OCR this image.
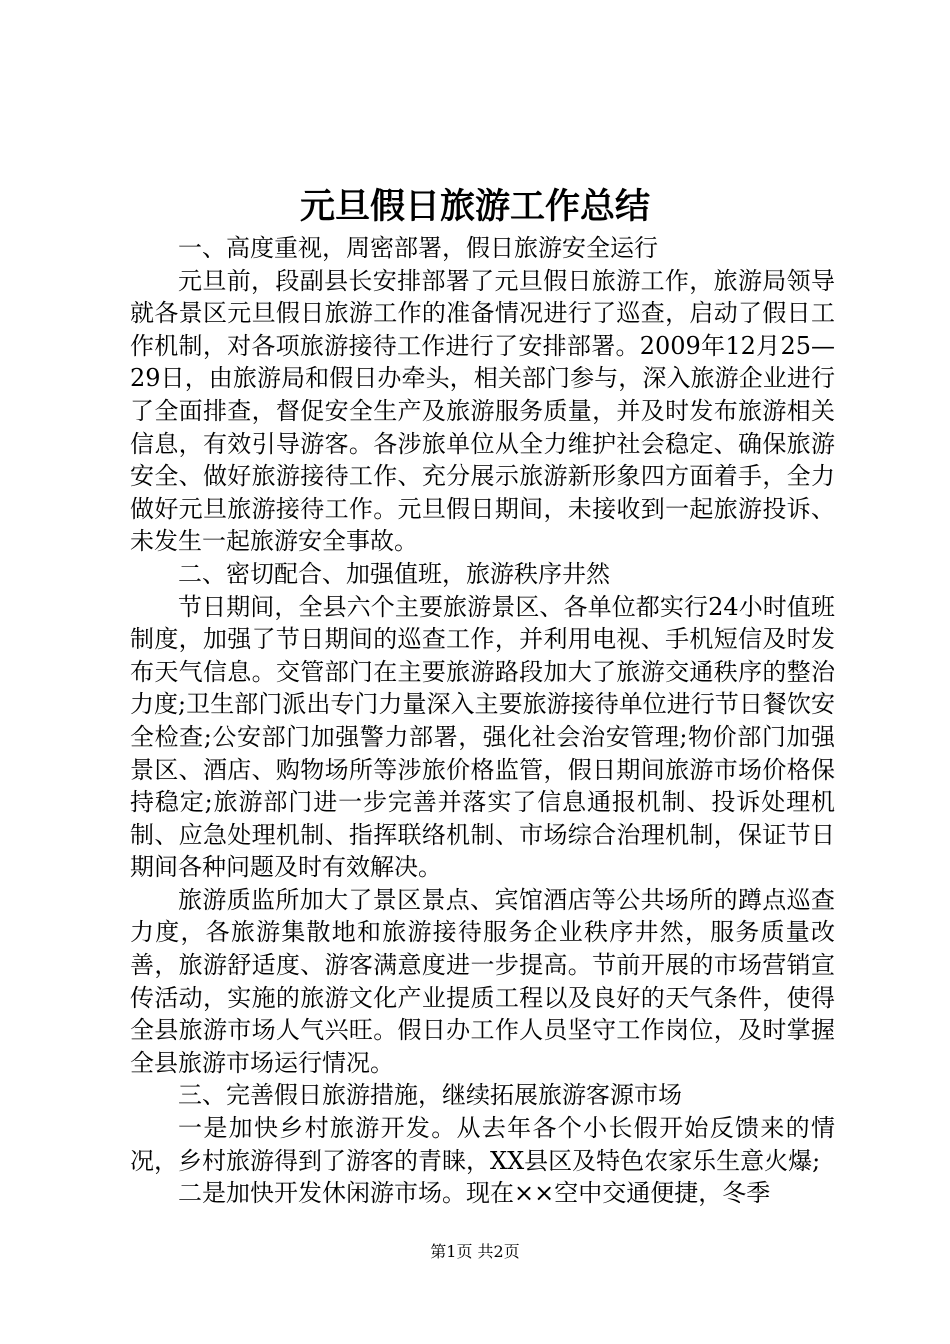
元旦假日旅游工作总结

一、高度重视，周密部署，假日旅游安全运行

元旦前，段副县长安排部署了元旦假日旅游工作，旅游局领导就各景区元旦假日旅游工作的准备情况进行了巡查，启动了假日工作机制，对各项旅游接待工作进行了安排部署。2009年12月25—29日，由旅游局和假日办牵头，相关部门参与，深入旅游企业进行了全面排查，督促安全生产及旅游服务质量，并及时发布旅游相关信息，有效引导游客。各涉旅单位从全力维护社会稳定、确保旅游安全、做好旅游接待工作、充分展示旅游新形象四方面着手，全力做好元旦旅游接待工作。元旦假日期间，未接收到一起旅游投诉、未发生一起旅游安全事故。

二、密切配合、加强值班，旅游秩序井然

节日期间，全县六个主要旅游景区、各单位都实行24小时值班制度，加强了节日期间的巡查工作，并利用电视、手机短信及时发布天气信息。交管部门在主要旅游路段加大了旅游交通秩序的整治力度;卫生部门派出专门力量深入主要旅游接待单位进行节日餐饮安全检查;公安部门加强警力部署，强化社会治安管理;物价部门加强景区、酒店、购物场所等涉旅价格监管，假日期间旅游市场价格保持稳定;旅游部门进一步完善并落实了信息通报机制、投诉处理机制、应急处理机制、指挥联络机制、市场综合治理机制，保证节日期间各种问题及时有效解决。

旅游质监所加大了景区景点、宾馆酒店等公共场所的蹲点巡查力度，各旅游集散地和旅游接待服务企业秩序井然，服务质量改善，旅游舒适度、游客满意度进一步提高。节前开展的市场营销宣传活动，实施的旅游文化产业提质工程以及良好的天气条件，使得全县旅游市场人气兴旺。假日办工作人员坚守工作岗位，及时掌握全县旅游市场运行情况。

三、完善假日旅游措施，继续拓展旅游客源市场

一是加快乡村旅游开发。从去年各个小长假开始反馈来的情况，乡村旅游得到了游客的青睐，XX县区及特色农家乐生意火爆;

二是加快开发休闲游市场。现在××空中交通便捷，冬季

第1页 共2页
